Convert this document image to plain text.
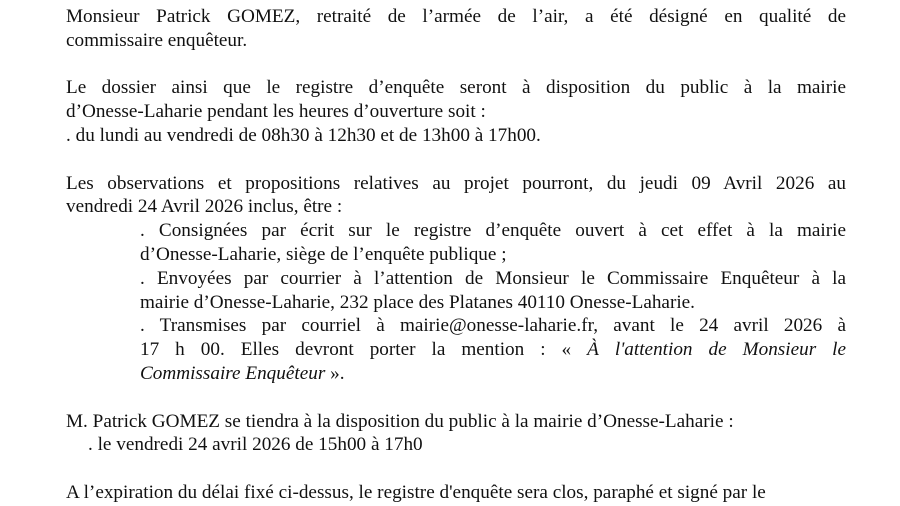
Monsieur Patrick GOMEZ, retraité de l’armée de l’air, a été désigné en qualité de
commissaire enquêteur.
Le dossier ainsi que le registre d’enquête seront à disposition du public à la mairie
d’Onesse-Laharie pendant les heures d’ouverture soit :
. du lundi au vendredi de 08h30 à 12h30 et de 13h00 à 17h00.
Les observations et propositions relatives au projet pourront, du jeudi 09 Avril 2026 au
vendredi 24 Avril 2026 inclus, être :
. Consignées par écrit sur le registre d’enquête ouvert à cet effet à la mairie
d’Onesse-Laharie, siège de l’enquête publique ;
. Envoyées par courrier à l’attention de Monsieur le Commissaire Enquêteur à la
mairie d’Onesse-Laharie, 232 place des Platanes 40110 Onesse-Laharie.
. Transmises par courriel à mairie@onesse-laharie.fr, avant le 24 avril 2026 à
17 h 00. Elles devront porter la mention : « À l'attention de Monsieur le
Commissaire Enquêteur ».
M. Patrick GOMEZ se tiendra à la disposition du public à la mairie d’Onesse-Laharie :
. le vendredi 24 avril 2026 de 15h00 à 17h0
A l’expiration du délai fixé ci-dessus, le registre d'enquête sera clos, paraphé et signé par le
